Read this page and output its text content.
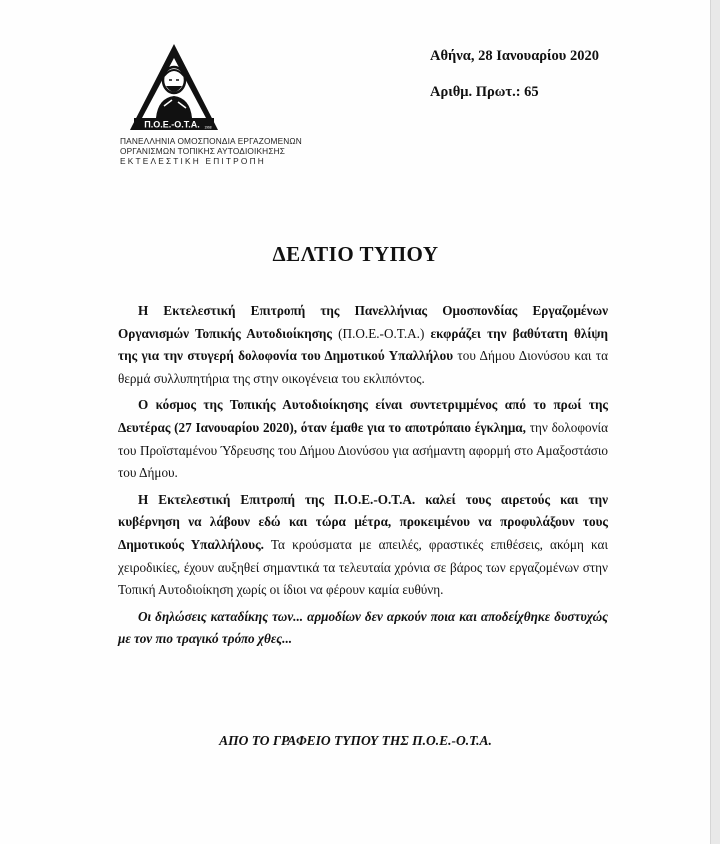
Π.Ο.Ε.-Ο.Τ.Α. 1968
ΠΑΝΕΛΛΗΝΙΑ ΟΜΟΣΠΟΝΔΙΑ ΕΡΓΑΖΟΜΕΝΩΝ
ΟΡΓΑΝΙΣΜΩΝ ΤΟΠΙΚΗΣ ΑΥΤΟΔΙΟΙΚΗΣΗΣ
ΕΚΤΕΛΕΣΤΙΚΗ ΕΠΙΤΡΟΠΗ
Αθήνα, 28 Ιανουαρίου 2020
Αριθμ. Πρωτ.: 65
ΔΕΛΤΙΟ ΤΥΠΟΥ

Η Εκτελεστική Επιτροπή της Πανελλήνιας Ομοσπονδίας Εργαζομένων Οργανισμών Τοπικής Αυτοδιοίκησης (Π.Ο.Ε.-Ο.Τ.Α.) εκφράζει την βαθύτατη θλίψη της για την στυγερή δολοφονία του Δημοτικού Υπαλλήλου του Δήμου Διονύσου και τα θερμά συλλυπητήρια της στην οικογένεια του εκλιπόντος.

Ο κόσμος της Τοπικής Αυτοδιοίκησης είναι συντετριμμένος από το πρωί της Δευτέρας (27 Ιανουαρίου 2020), όταν έμαθε για το αποτρόπαιο έγκλημα, την δολοφονία του Προϊσταμένου Ύδρευσης του Δήμου Διονύσου για ασήμαντη αφορμή στο Αμαξοστάσιο του Δήμου.

Η Εκτελεστική Επιτροπή της Π.Ο.Ε.-Ο.Τ.Α. καλεί τους αιρετούς και την κυβέρνηση να λάβουν εδώ και τώρα μέτρα, προκειμένου να προφυλάξουν τους Δημοτικούς Υπαλλήλους. Τα κρούσματα με απειλές, φραστικές επιθέσεις, ακόμη και χειροδικίες, έχουν αυξηθεί σημαντικά τα τελευταία χρόνια σε βάρος των εργαζομένων στην Τοπική Αυτοδιοίκηση χωρίς οι ίδιοι να φέρουν καμία ευθύνη.

Οι δηλώσεις καταδίκης των... αρμοδίων δεν αρκούν ποια και αποδείχθηκε δυστυχώς με τον πιο τραγικό τρόπο χθες...

ΑΠΟ ΤΟ ΓΡΑΦΕΙΟ ΤΥΠΟΥ ΤΗΣ Π.Ο.Ε.-Ο.Τ.Α.
